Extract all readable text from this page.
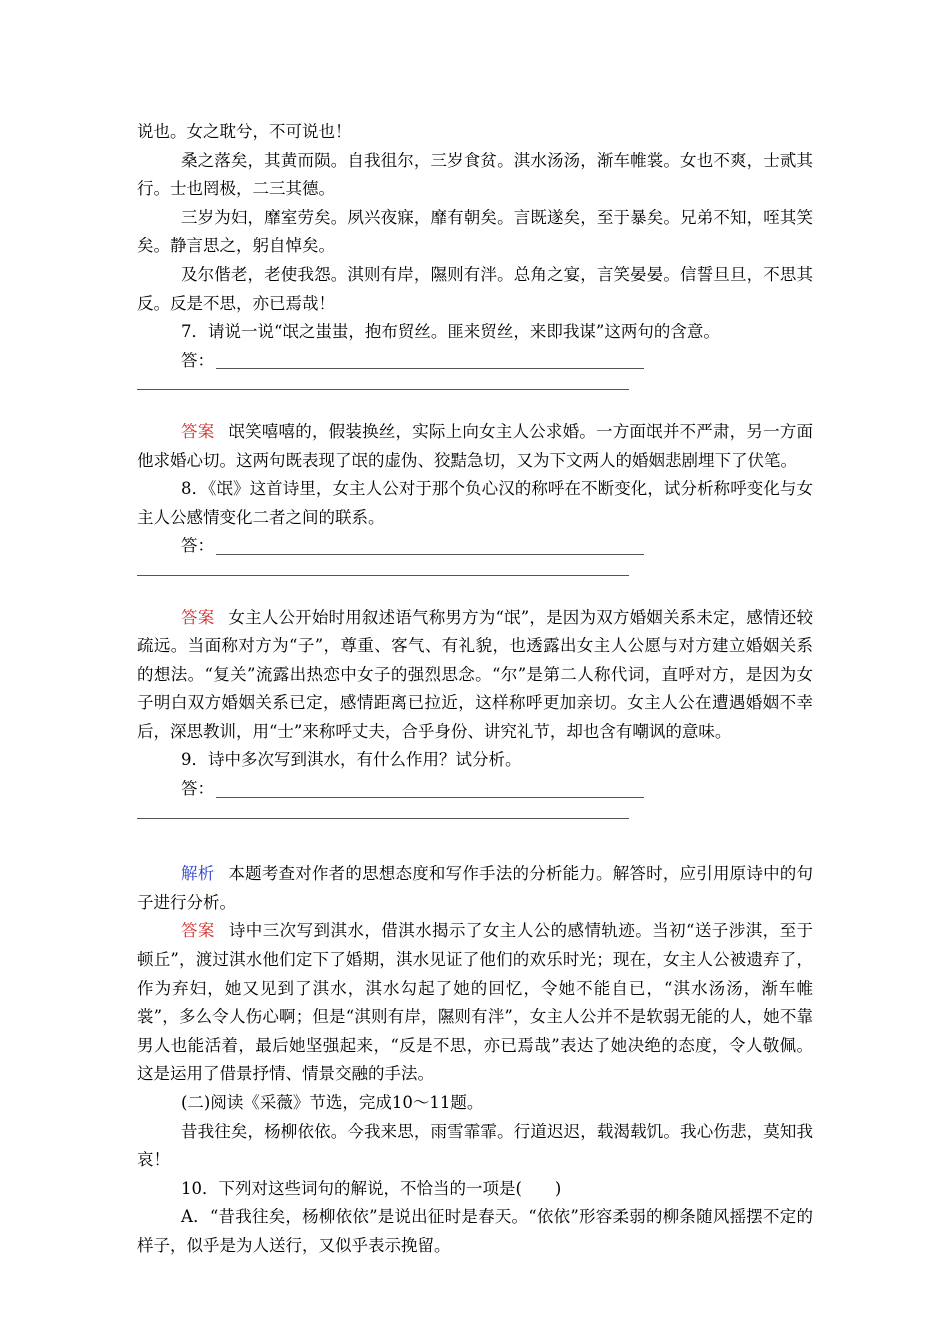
说也。女之耽兮，不可说也！

桑之落矣，其黄而陨。自我徂尔，三岁食贫。淇水汤汤，渐车帷裳。女也不爽，士贰其行。士也罔极，二三其德。

三岁为妇，靡室劳矣。夙兴夜寐，靡有朝矣。言既遂矣，至于暴矣。兄弟不知，咥其笑矣。静言思之，躬自悼矣。

及尔偕老，老使我怨。淇则有岸，隰则有泮。总角之宴，言笑晏晏。信誓旦旦，不思其反。反是不思，亦已焉哉！

7．请说一说“氓之蚩蚩，抱布贸丝。匪来贸丝，来即我谋”这两句的含意。

答：

答案 氓笑嘻嘻的，假装换丝，实际上向女主人公求婚。一方面氓并不严肃，另一方面他求婚心切。这两句既表现了氓的虚伪、狡黠急切，又为下文两人的婚姻悲剧埋下了伏笔。

8．《氓》这首诗里，女主人公对于那个负心汉的称呼在不断变化，试分析称呼变化与女主人公感情变化二者之间的联系。

答：

答案 女主人公开始时用叙述语气称男方为“氓”，是因为双方婚姻关系未定，感情还较疏远。当面称对方为“子”，尊重、客气、有礼貌，也透露出女主人公愿与对方建立婚姻关系的想法。“复关”流露出热恋中女子的强烈思念。“尔”是第二人称代词，直呼对方，是因为女子明白双方婚姻关系已定，感情距离已拉近，这样称呼更加亲切。女主人公在遭遇婚姻不幸后，深思教训，用“士”来称呼丈夫，合乎身份、讲究礼节，却也含有嘲讽的意味。

9．诗中多次写到淇水，有什么作用？试分析。

答：

解析 本题考查对作者的思想态度和写作手法的分析能力。解答时，应引用原诗中的句子进行分析。

答案 诗中三次写到淇水，借淇水揭示了女主人公的感情轨迹。当初“送子涉淇，至于顿丘”，渡过淇水他们定下了婚期，淇水见证了他们的欢乐时光；现在，女主人公被遗弃了，作为弃妇，她又见到了淇水，淇水勾起了她的回忆，令她不能自已，“淇水汤汤，渐车帷裳”，多么令人伤心啊；但是“淇则有岸，隰则有泮”，女主人公并不是软弱无能的人，她不靠男人也能活着，最后她坚强起来，“反是不思，亦已焉哉”表达了她决绝的态度，令人敬佩。这是运用了借景抒情、情景交融的手法。

(二)阅读《采薇》节选，完成10～11题。

昔我往矣，杨柳依依。今我来思，雨雪霏霏。行道迟迟，载渴载饥。我心伤悲，莫知我哀！

10．下列对这些词句的解说，不恰当的一项是(　　)

A．“昔我往矣，杨柳依依”是说出征时是春天。“依依”形容柔弱的柳条随风摇摆不定的样子，似乎是为人送行，又似乎表示挽留。
